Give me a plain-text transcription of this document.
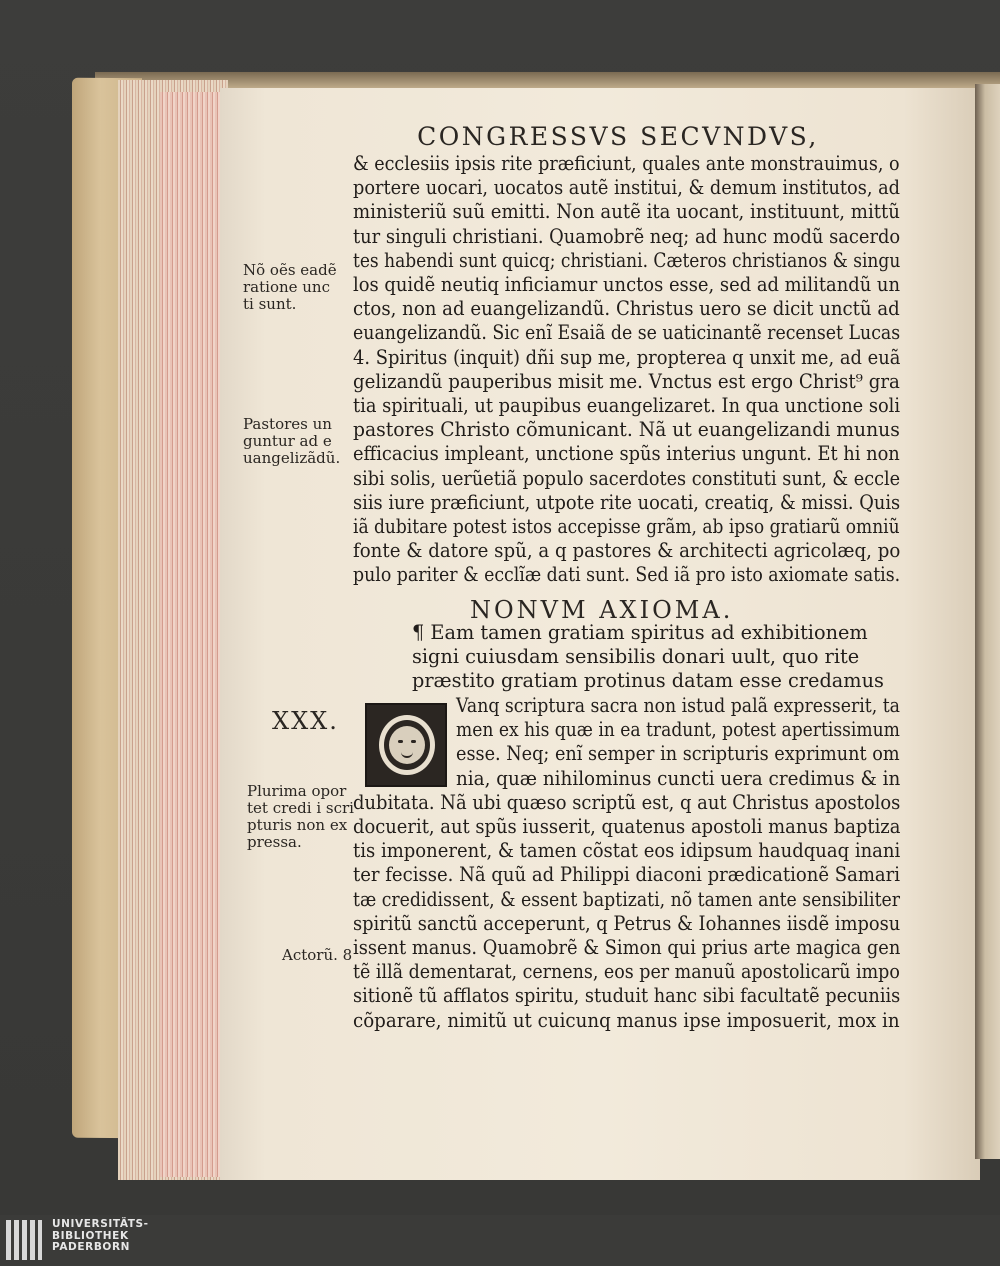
CONGRESSVS SECVNDVS,
NONVM AXIOMA.
XXX.
Nõ oẽs eadẽ
ratione unc
ti sunt.
Pastores un
guntur ad e
uangelizãdũ.
Plurima opor
tet credi i scri
pturis non ex
pressa.
Actorũ. 8
& ecclesiis ipsis rite præficiunt, quales ante monstrauimus, o
portere uocari, uocatos autẽ institui, & demum institutos, ad
ministeriũ suũ emitti. Non autẽ ita uocant, instituunt, mittũ
tur singuli christiani. Quamobrẽ neq; ad hunc modũ sacerdo
tes habendi sunt quicq; christiani. Cæteros christianos & singu
los quidẽ neutiq inficiamur unctos esse, sed ad militandũ un
ctos, non ad euangelizandũ. Christus uero se dicit unctũ ad
euangelizandũ. Sic enĩ Esaiã de se uaticinantẽ recenset Lucas
4. Spiritus (inquit) dñi sup me, propterea q unxit me, ad euã
gelizandũ pauperibus misit me. Vnctus est ergo Christ⁹ gra
tia spirituali, ut paupibus euangelizaret. In qua unctione soli
pastores Christo cõmunicant. Nã ut euangelizandi munus
efficacius impleant, unctione spũs interius ungunt. Et hi non
sibi solis, uerũetiã populo sacerdotes constituti sunt, & eccle
siis iure præficiunt, utpote rite uocati, creatiq, & missi. Quis
iã dubitare potest istos accepisse grãm, ab ipso gratiarũ omniũ
fonte & datore spũ, a q pastores & architecti agricolæq, po
pulo pariter & ecclĩæ dati sunt. Sed iã pro isto axiomate satis.
¶ Eam tamen gratiam spiritus ad exhibitionem
signi cuiusdam sensibilis donari uult, quo rite
præstito gratiam protinus datam esse credamus
Vanq scriptura sacra non istud palã expresserit, ta
men ex his quæ in ea tradunt, potest apertissimum
esse. Neq; enĩ semper in scripturis exprimunt om
nia, quæ nihilominus cuncti uera credimus & in
dubitata. Nã ubi quæso scriptũ est, q aut Christus apostolos
docuerit, aut spũs iusserit, quatenus apostoli manus baptiza
tis imponerent, & tamen cõstat eos idipsum haudquaq inani
ter fecisse. Nã quũ ad Philippi diaconi prædicationẽ Samari
tæ credidissent, & essent baptizati, nõ tamen ante sensibiliter
spiritũ sanctũ acceperunt, q Petrus & Iohannes iisdẽ imposu
issent manus. Quamobrẽ & Simon qui prius arte magica gen
tẽ illã dementarat, cernens, eos per manuũ apostolicarũ impo
sitionẽ tũ afflatos spiritu, studuit hanc sibi facultatẽ pecuniis
cõparare, nimitũ ut cuicunq manus ipse imposuerit, mox in
UNIVERSITÄTS-
BIBLIOTHEK
PADERBORN
